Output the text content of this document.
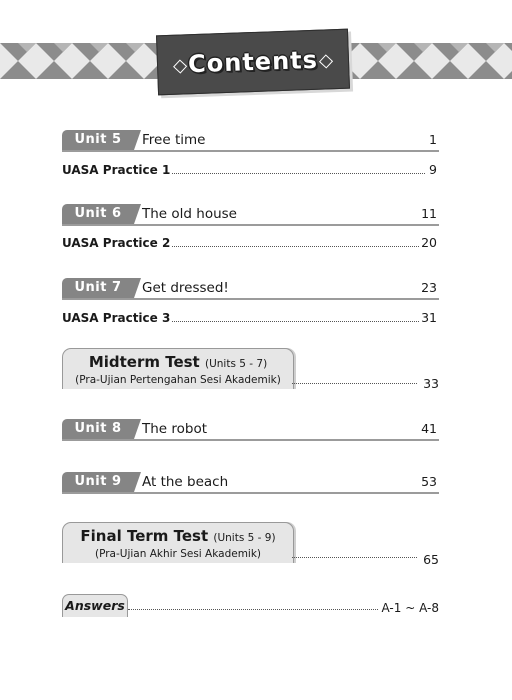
Contents
Unit 5	Free time	1
UASA Practice 1	9
Unit 6	The old house	11
UASA Practice 2	20
Unit 7	Get dressed!	23
UASA Practice 3	31
Midterm Test (Units 5 - 7)
(Pra-Ujian Pertengahan Sesi Akademik)	33
Unit 8	The robot	41
Unit 9	At the beach	53
Final Term Test (Units 5 - 9)
(Pra-Ujian Akhir Sesi Akademik)	65
Answers	A-1 ~ A-8
